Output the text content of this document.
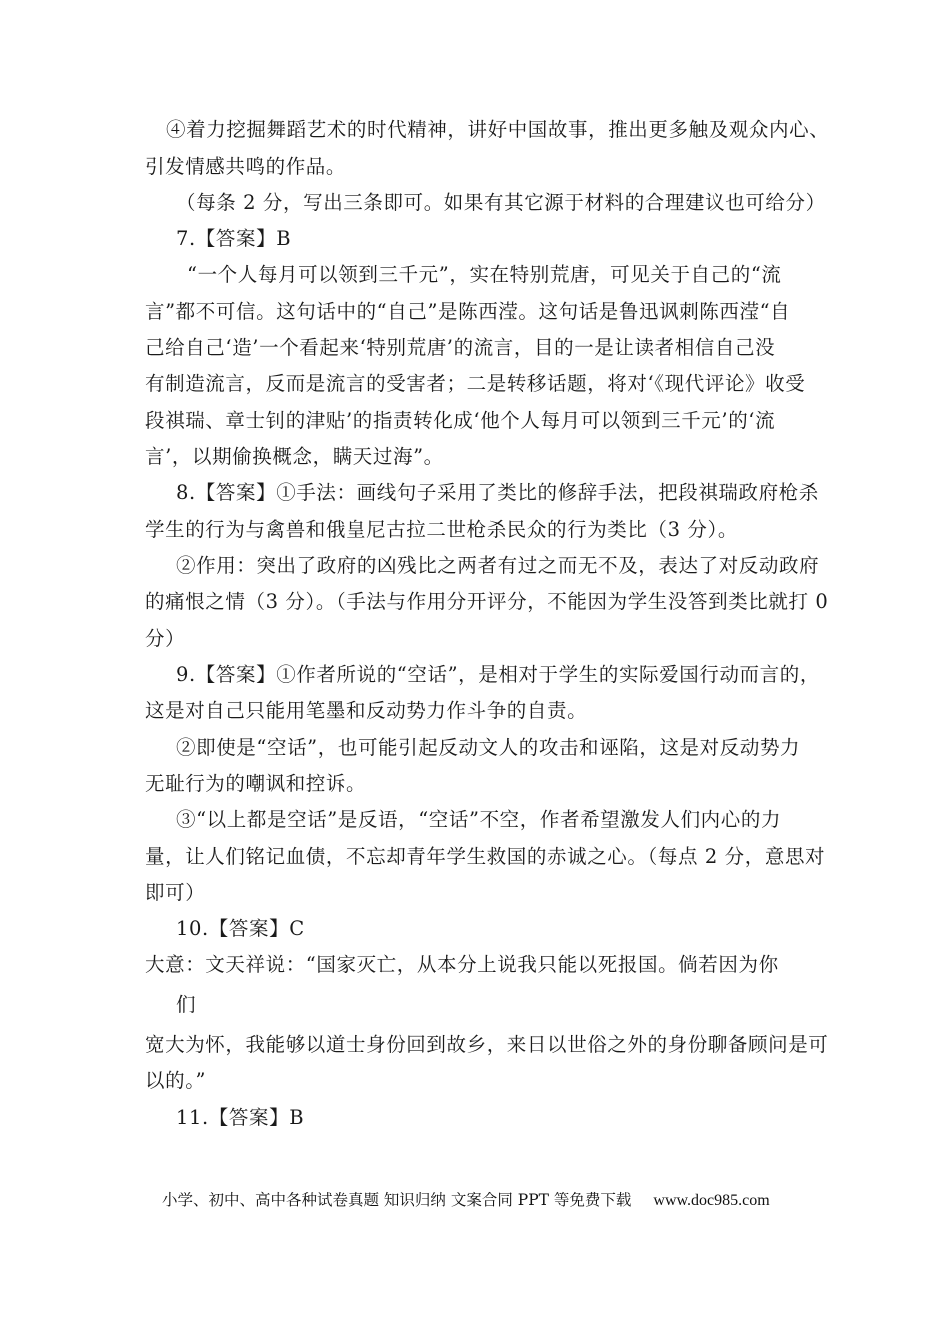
④着力挖掘舞蹈艺术的时代精神，讲好中国故事，推出更多触及观众内心、
引发情感共鸣的作品。
（每条 2 分，写出三条即可。如果有其它源于材料的合理建议也可给分）
7.【答案】B
“一个人每月可以领到三千元”，实在特别荒唐，可见关于自己的“流
言”都不可信。这句话中的“自己”是陈西滢。这句话是鲁迅讽刺陈西滢“自
己给自己‘造’一个看起来‘特别荒唐’的流言，目的一是让读者相信自己没
有制造流言，反而是流言的受害者；二是转移话题，将对‘《现代评论》收受
段祺瑞、章士钊的津贴’的指责转化成‘他个人每月可以领到三千元’的‘流
言’，以期偷换概念，瞒天过海”。
8.【答案】①手法：画线句子采用了类比的修辞手法，把段祺瑞政府枪杀
学生的行为与禽兽和俄皇尼古拉二世枪杀民众的行为类比（3 分）。
②作用：突出了政府的凶残比之两者有过之而无不及，表达了对反动政府
的痛恨之情（3 分）。（手法与作用分开评分，不能因为学生没答到类比就打 0
分）
9.【答案】①作者所说的“空话”，是相对于学生的实际爱国行动而言的，
这是对自己只能用笔墨和反动势力作斗争的自责。
②即使是“空话”，也可能引起反动文人的攻击和诬陷，这是对反动势力
无耻行为的嘲讽和控诉。
③“以上都是空话”是反语，“空话”不空，作者希望激发人们内心的力
量，让人们铭记血债，不忘却青年学生救国的赤诚之心。（每点 2 分，意思对
即可）
10.【答案】C
大意：文天祥说：“国家灭亡，从本分上说我只能以死报国。倘若因为你
们
宽大为怀，我能够以道士身份回到故乡，来日以世俗之外的身份聊备顾问是可
以的。”
11.【答案】B
小学、初中、高中各种试卷真题 知识归纳 文案合同 PPT 等免费下载 www.doc985.com
